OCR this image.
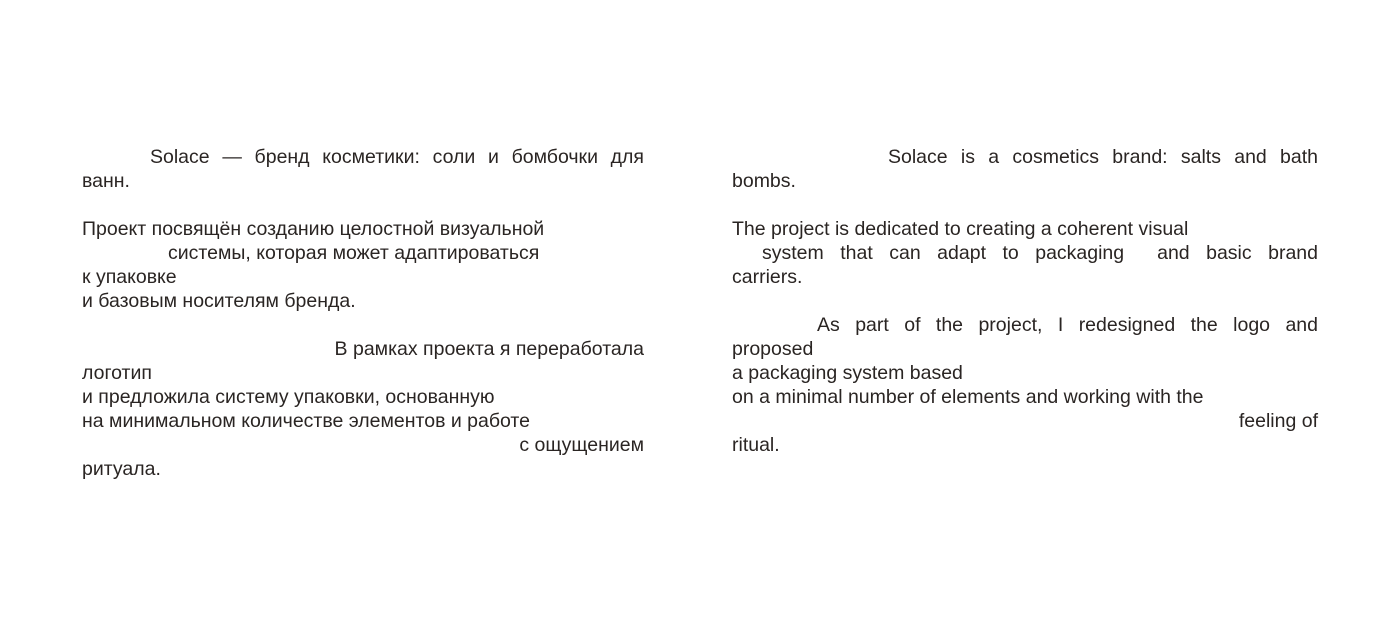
Solace — бренд косметики: соли и бомбочки для
ванн.
Проект посвящён созданию целостной визуальной
системы, которая может адаптироваться
к упаковке
и базовым носителям бренда.
В рамках проекта я переработала
логотип
и предложила систему упаковки, основанную
на минимальном количестве элементов и работе
с ощущением
ритуала.
Solace is a cosmetics brand: salts and bath
bombs.
The project is dedicated to creating a coherent visual
system that can adapt to packaging  and basic brand
carriers.
As part of the project, I redesigned the logo and
proposed
a packaging system based
on a minimal number of elements and working with the
feeling of
ritual.
